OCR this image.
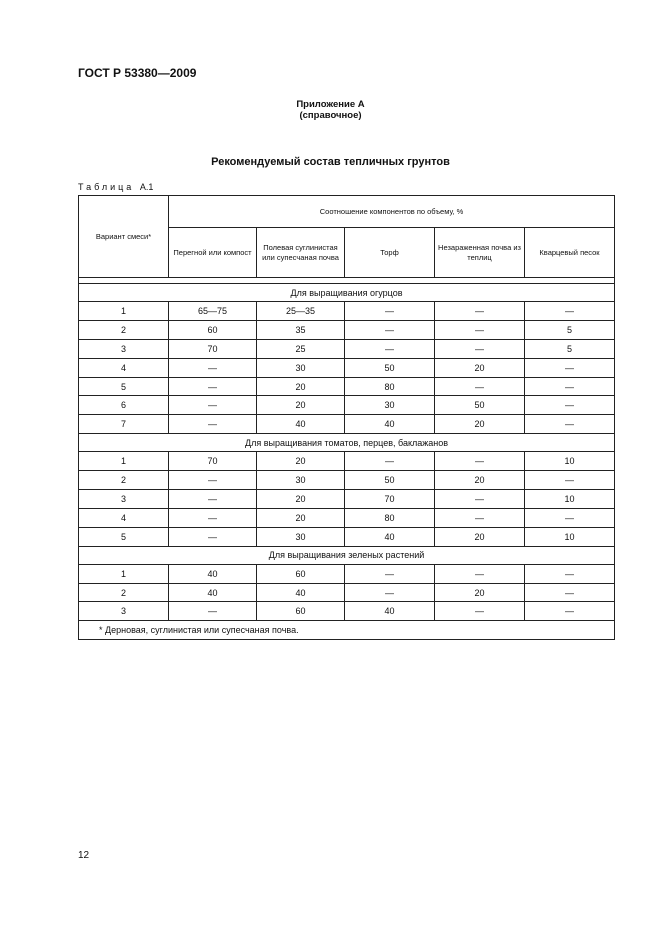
ГОСТ Р 53380—2009
Приложение А
(справочное)
Рекомендуемый состав тепличных грунтов
Таблица А.1
Вариант смеси*	Соотношение компонентов по объему, %				
	Перегной или компост	Полевая суглинистая или супесчаная почва	Торф	Незараженная почва из теплиц	Кварцевый песок

Для выращивания огурцов					
1	65—75	25—35	—	—	—
2	60	35	—	—	5
3	70	25	—	—	5
4	—	30	50	20	—
5	—	20	80	—	—
6	—	20	30	50	—
7	—	40	40	20	—
Для выращивания томатов, перцев, баклажанов					
1	70	20	—	—	10
2	—	30	50	20	—
3	—	20	70	—	10
4	—	20	80	—	—
5	—	30	40	20	10
Для выращивания зеленых растений					
1	40	60	—	—	—
2	40	40	—	20	—
3	—	60	40	—	—
* Дерновая, суглинистая или супесчаная почва.					
12
